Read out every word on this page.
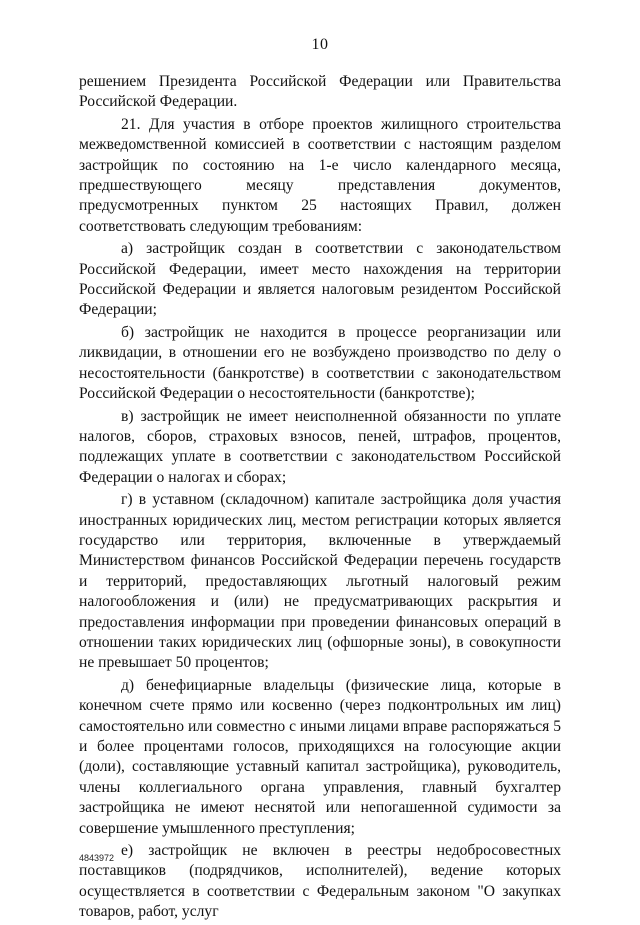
10

решением Президента Российской Федерации или Правительства Российской Федерации.

21. Для участия в отборе проектов жилищного строительства межведомственной комиссией в соответствии с настоящим разделом застройщик по состоянию на 1-е число календарного месяца, предшествующего месяцу представления документов, предусмотренных пунктом 25 настоящих Правил, должен соответствовать следующим требованиям:

а) застройщик создан в соответствии с законодательством Российской Федерации, имеет место нахождения на территории Российской Федерации и является налоговым резидентом Российской Федерации;

б) застройщик не находится в процессе реорганизации или ликвидации, в отношении его не возбуждено производство по делу о несостоятельности (банкротстве) в соответствии с законодательством Российской Федерации о несостоятельности (банкротстве);

в) застройщик не имеет неисполненной обязанности по уплате налогов, сборов, страховых взносов, пеней, штрафов, процентов, подлежащих уплате в соответствии с законодательством Российской Федерации о налогах и сборах;

г) в уставном (складочном) капитале застройщика доля участия иностранных юридических лиц, местом регистрации которых является государство или территория, включенные в утверждаемый Министерством финансов Российской Федерации перечень государств и территорий, предоставляющих льготный налоговый режим налогообложения и (или) не предусматривающих раскрытия и предоставления информации при проведении финансовых операций в отношении таких юридических лиц (офшорные зоны), в совокупности не превышает 50 процентов;

д) бенефициарные владельцы (физические лица, которые в конечном счете прямо или косвенно (через подконтрольных им лиц) самостоятельно или совместно с иными лицами вправе распоряжаться 5 и более процентами голосов, приходящихся на голосующие акции (доли), составляющие уставный капитал застройщика), руководитель, члены коллегиального органа управления, главный бухгалтер застройщика не имеют неснятой или непогашенной судимости за совершение умышленного преступления;

е) застройщик не включен в реестры недобросовестных поставщиков (подрядчиков, исполнителей), ведение которых осуществляется в соответствии с Федеральным законом "О закупках товаров, работ, услуг

4843972
